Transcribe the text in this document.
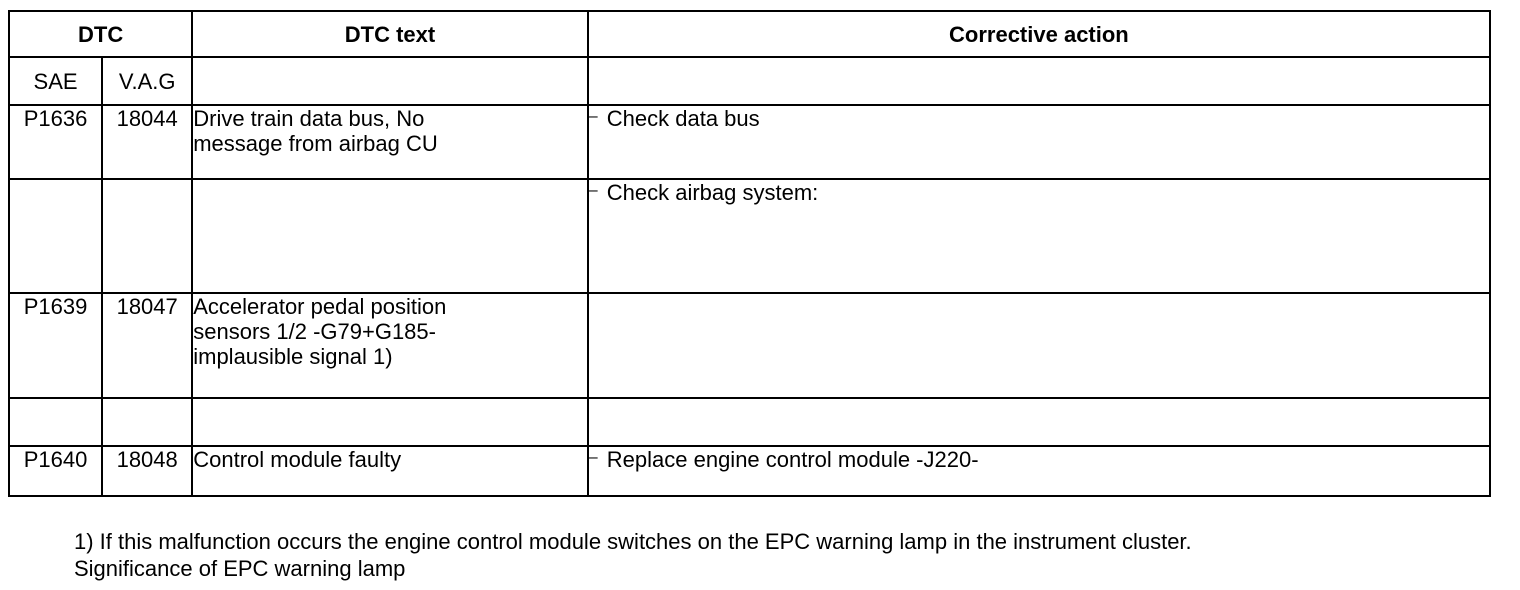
DTC		DTC text	Corrective action
SAE	V.A.G		
P1636	18044	Drive train data bus, No
message from airbag CU	– Check data bus
			– Check airbag system:
P1639	18047	Accelerator pedal position
sensors 1/2 -G79+G185-
implausible signal 1)	

P1640	18048	Control module faulty	– Replace engine control module -J220-
1) If this malfunction occurs the engine control module switches on the EPC warning lamp in the instrument cluster.
Significance of EPC warning lamp
